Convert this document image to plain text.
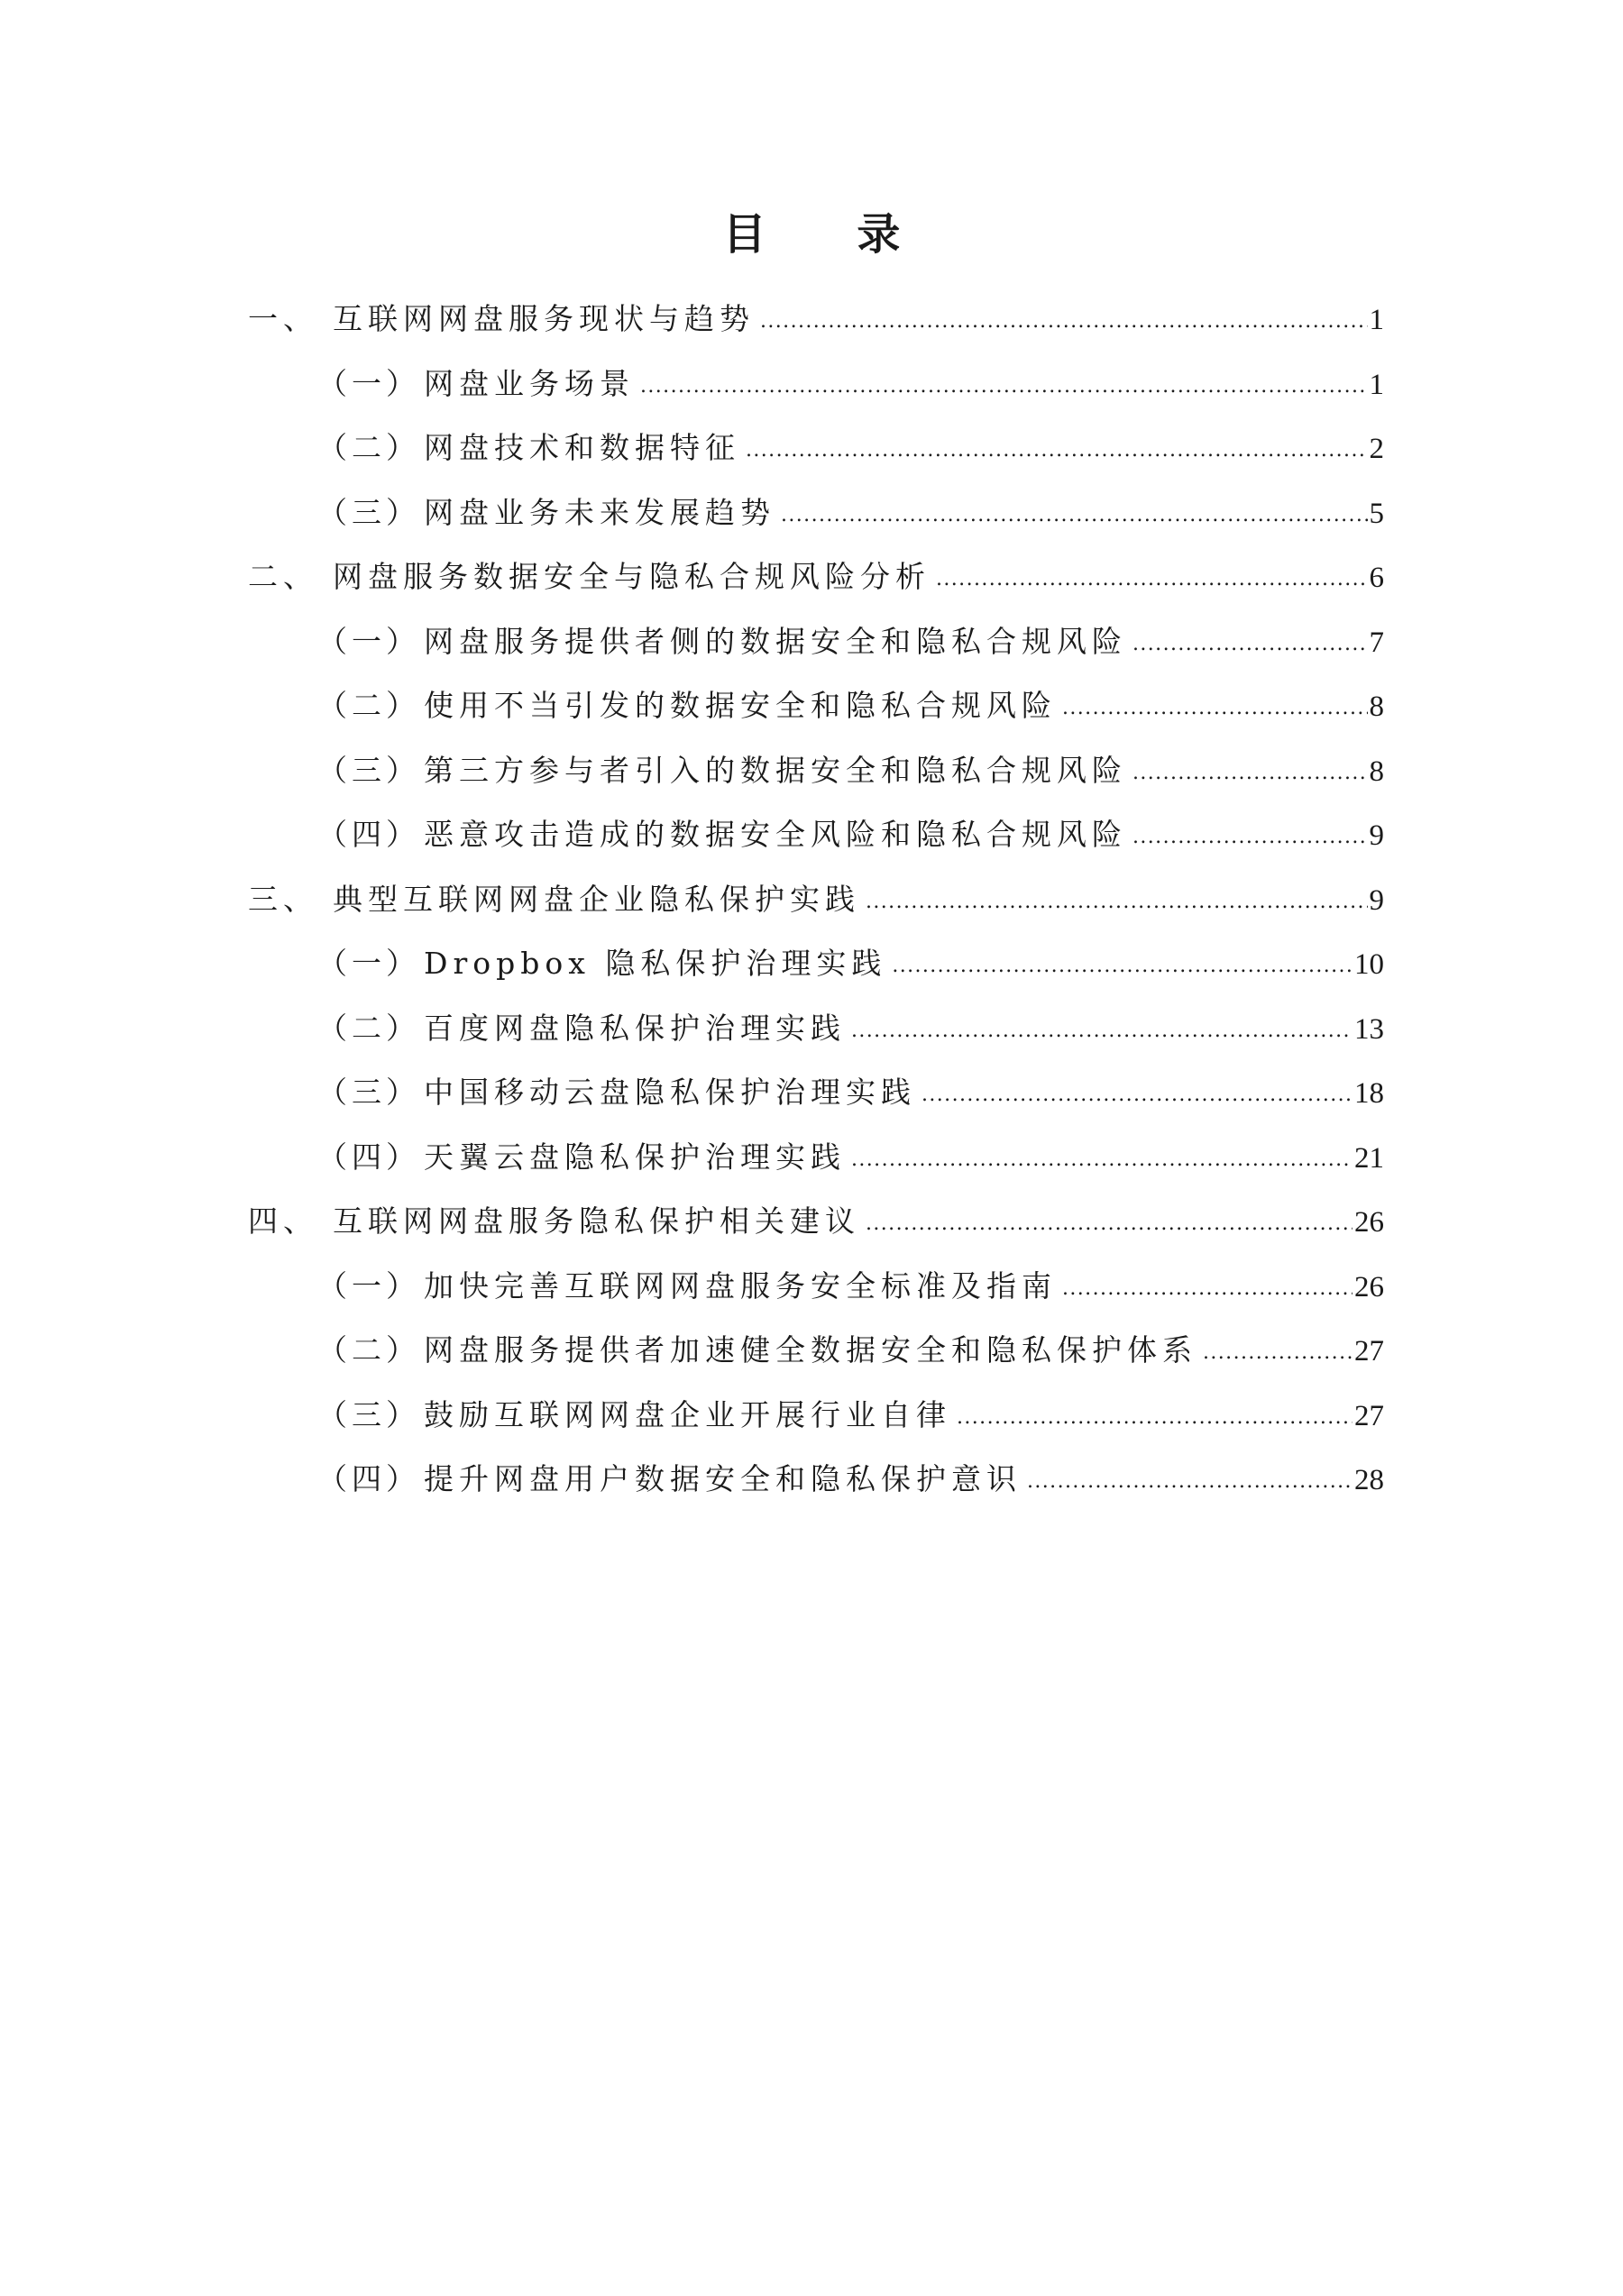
目 录
一、 互联网网盘服务现状与趋势 .....	1
（一） 网盘业务场景 .....	1
（二） 网盘技术和数据特征 .....	2
（三） 网盘业务未来发展趋势 .....	5
二、 网盘服务数据安全与隐私合规风险分析 .....	6
（一） 网盘服务提供者侧的数据安全和隐私合规风险 .....	7
（二） 使用不当引发的数据安全和隐私合规风险 .....	8
（三） 第三方参与者引入的数据安全和隐私合规风险 .....	8
（四） 恶意攻击造成的数据安全风险和隐私合规风险 .....	9
三、 典型互联网网盘企业隐私保护实践 .....	9
（一） Dropbox 隐私保护治理实践 .....	10
（二） 百度网盘隐私保护治理实践 .....	13
（三） 中国移动云盘隐私保护治理实践 .....	18
（四） 天翼云盘隐私保护治理实践 .....	21
四、 互联网网盘服务隐私保护相关建议 .....	26
（一） 加快完善互联网网盘服务安全标准及指南 .....	26
（二） 网盘服务提供者加速健全数据安全和隐私保护体系 .....	27
（三） 鼓励互联网网盘企业开展行业自律 .....	27
（四） 提升网盘用户数据安全和隐私保护意识 .....	28
